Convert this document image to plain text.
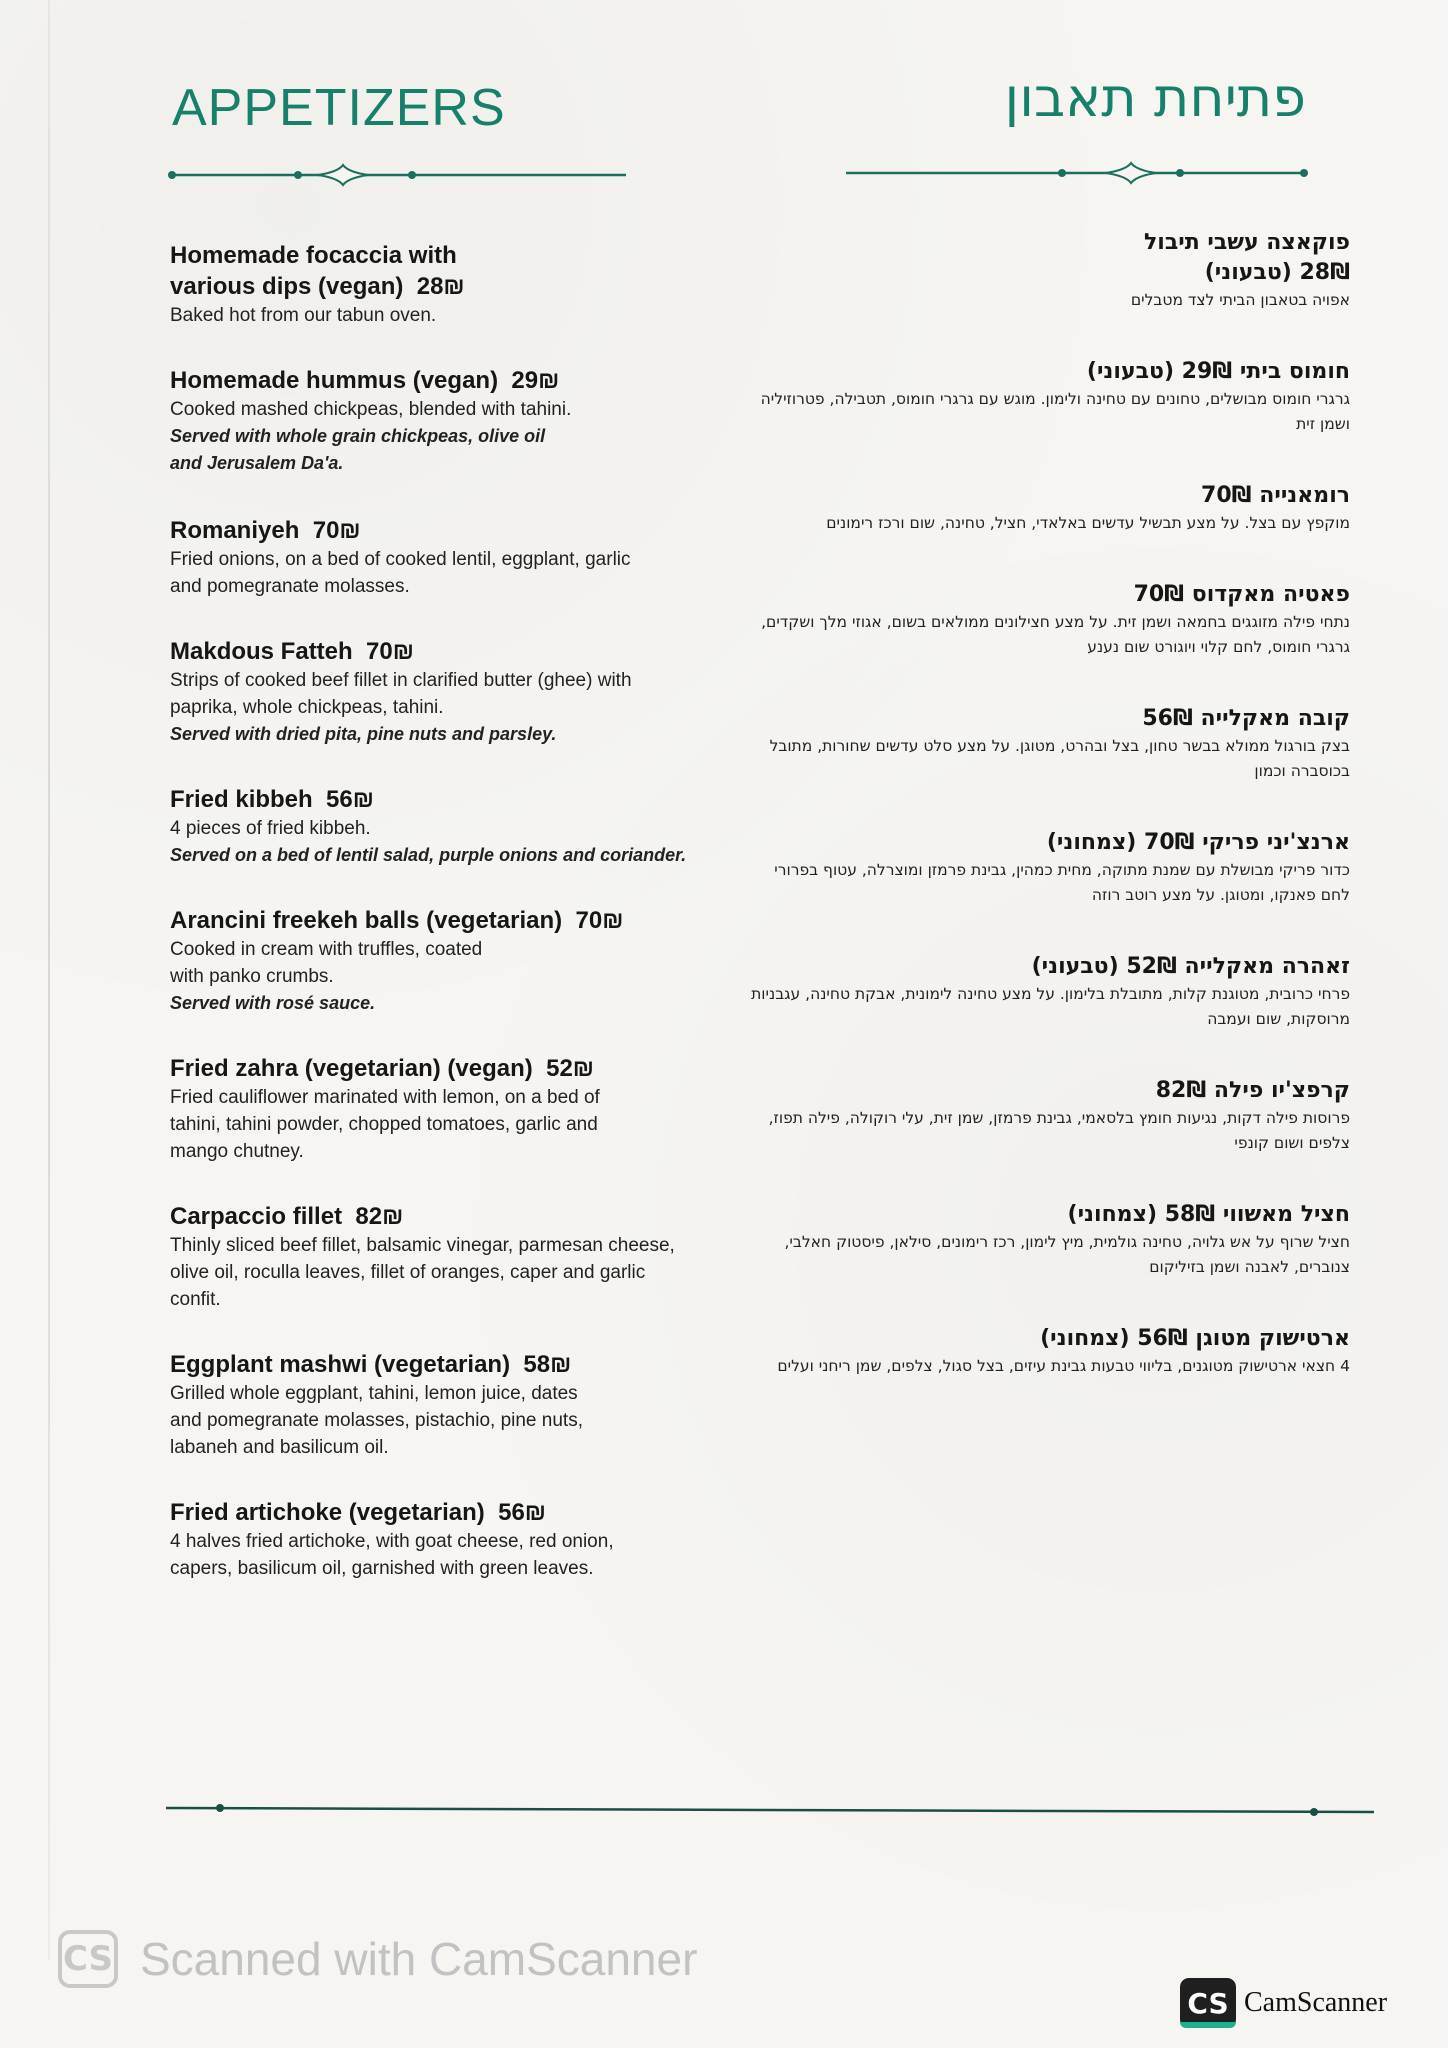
APPETIZERS	פתיחת תאבון
Homemade focaccia with various dips (vegan) 28₪
Baked hot from our tabun oven.
Homemade hummus (vegan) 29₪
Cooked mashed chickpeas, blended with tahini.
Served with whole grain chickpeas, olive oil and Jerusalem Da'a.
Romaniyeh 70₪
Fried onions, on a bed of cooked lentil, eggplant, garlic and pomegranate molasses.
Makdous Fatteh 70₪
Strips of cooked beef fillet in clarified butter (ghee) with paprika, whole chickpeas, tahini.
Served with dried pita, pine nuts and parsley.
Fried kibbeh 56₪
4 pieces of fried kibbeh.
Served on a bed of lentil salad, purple onions and coriander.
Arancini freekeh balls (vegetarian) 70₪
Cooked in cream with truffles, coated with panko crumbs.
Served with rosé sauce.
Fried zahra (vegetarian) (vegan) 52₪
Fried cauliflower marinated with lemon, on a bed of tahini, tahini powder, chopped tomatoes, garlic and mango chutney.
Carpaccio fillet 82₪
Thinly sliced beef fillet, balsamic vinegar, parmesan cheese, olive oil, roculla leaves, fillet of oranges, caper and garlic confit.
Eggplant mashwi (vegetarian) 58₪
Grilled whole eggplant, tahini, lemon juice, dates and pomegranate molasses, pistachio, pine nuts, labaneh and basilicum oil.
Fried artichoke (vegetarian) 56₪
4 halves fried artichoke, with goat cheese, red onion, capers, basilicum oil, garnished with green leaves.
פוקאצה עשבי תיבול 28₪ (טבעוני)
אפויה בטאבון הביתי לצד מטבלים
חומוס ביתי 29₪ (טבעוני)
גרגרי חומוס מבושלים, טחונים עם טחינה ולימון. מוגש עם גרגרי חומוס, תטבילה, פטרוזיליה ושמן זית
רומאנייה 70₪
מוקפץ עם בצל. על מצע תבשיל עדשים באלאדי, חציל, טחינה, שום ורכז רימונים
פאטיה מאקדוס 70₪
נתחי פילה מזוגגים בחמאה ושמן זית. על מצע חצילונים ממולאים בשום, אגוזי מלך ושקדים, גרגרי חומוס, לחם קלוי ויוגורט שום נענע
קובה מאקלייה 56₪
בצק בורגול ממולא בבשר טחון, בצל ובהרט, מטוגן. על מצע סלט עדשים שחורות, מתובל בכוסברה וכמון
ארנצ'יני פריקי 70₪ (צמחוני)
כדור פריקי מבושלת עם שמנת מתוקה, מחית כמהין, גבינת פרמזן ומוצרלה, עטוף בפרורי לחם פאנקו, ומטוגן. על מצע רוטב רוזה
זאהרה מאקלייה 52₪ (טבעוני)
פרחי כרובית, מטוגנת קלות, מתובלת בלימון. על מצע טחינה לימונית, אבקת טחינה, עגבניות מרוסקות, שום ועמבה
קרפצ'יו פילה 82₪
פרוסות פילה דקות, נגיעות חומץ בלסאמי, גבינת פרמזן, שמן זית, עלי רוקולה, פילה תפוז, צלפים ושום קונפי
חציל מאשווי 58₪ (צמחוני)
חציל שרוף על אש גלויה, טחינה גולמית, מיץ לימון, רכז רימונים, סילאן, פיסטוק חאלבי, צנוברים, לאבנה ושמן בזיליקום
ארטישוק מטוגן 56₪ (צמחוני)
4 חצאי ארטישוק מטוגנים, בליווי טבעות גבינת עיזים, בצל סגול, צלפים, שמן ריחני ועלים
CS Scanned with CamScanner
CS CamScanner
